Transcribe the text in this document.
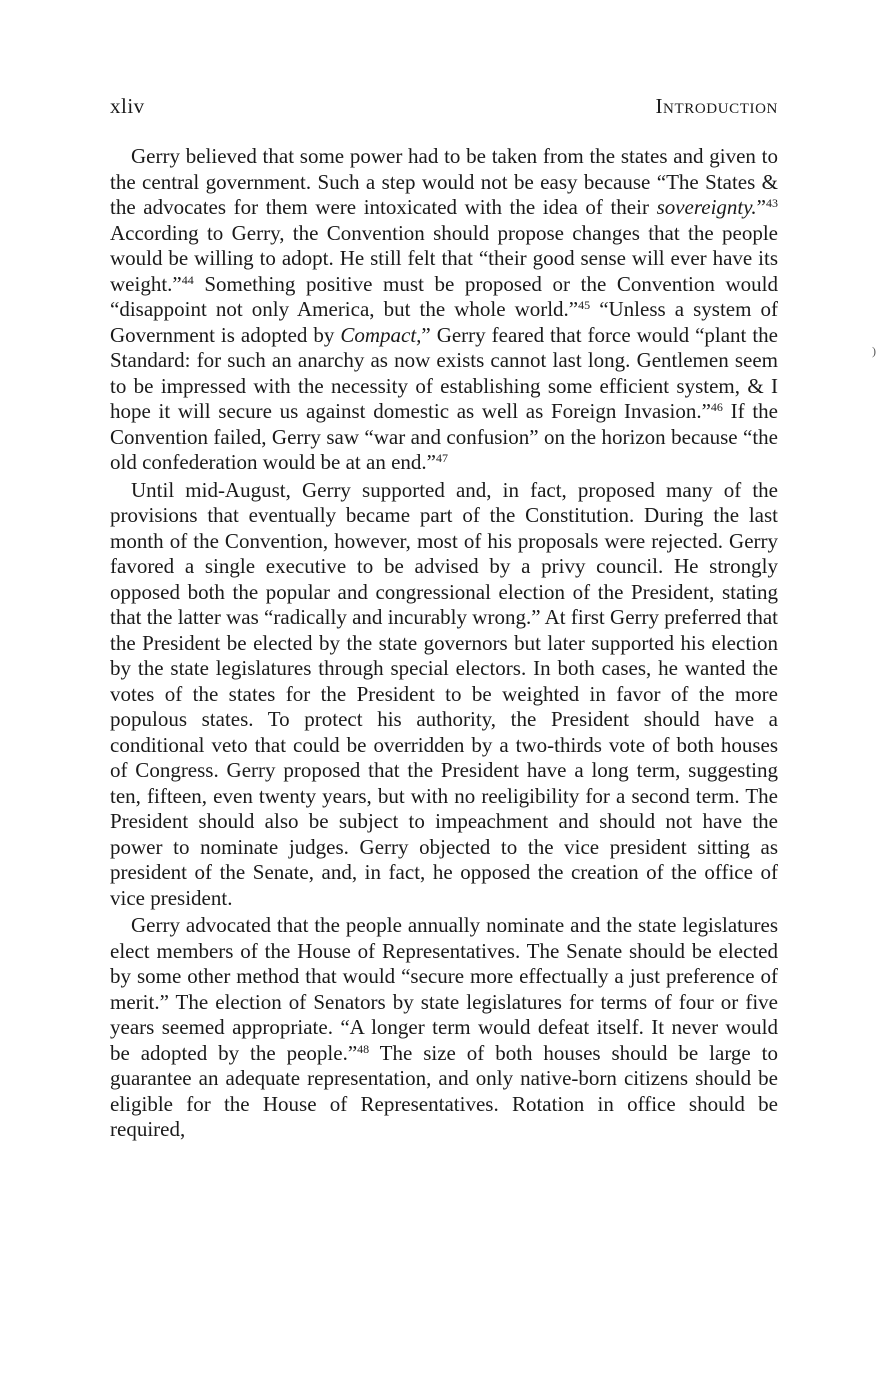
xliv	Introduction

Gerry believed that some power had to be taken from the states and given to the central government. Such a step would not be easy because “The States & the advocates for them were intoxicated with the idea of their sovereignty.”$^{43}$ According to Gerry, the Convention should propose changes that the people would be willing to adopt. He still felt that “their good sense will ever have its weight.”$^{44}$ Something positive must be proposed or the Convention would “disappoint not only America, but the whole world.”$^{45}$ “Unless a system of Government is adopted by Compact,” Gerry feared that force would “plant the Standard: for such an anarchy as now exists cannot last long. Gentlemen seem to be impressed with the necessity of establishing some efficient system, & I hope it will secure us against domestic as well as Foreign Invasion.”$^{46}$ If the Convention failed, Gerry saw “war and confusion” on the horizon because “the old confederation would be at an end.”$^{47}$

Until mid-August, Gerry supported and, in fact, proposed many of the provisions that eventually became part of the Constitution. During the last month of the Convention, however, most of his proposals were rejected. Gerry favored a single executive to be advised by a privy council. He strongly opposed both the popular and congressional election of the President, stating that the latter was “radically and incurably wrong.” At first Gerry preferred that the President be elected by the state governors but later supported his election by the state legislatures through special electors. In both cases, he wanted the votes of the states for the President to be weighted in favor of the more populous states. To protect his authority, the President should have a conditional veto that could be overridden by a two-thirds vote of both houses of Congress. Gerry proposed that the President have a long term, suggesting ten, fifteen, even twenty years, but with no reeligibility for a second term. The President should also be subject to impeachment and should not have the power to nominate judges. Gerry objected to the vice president sitting as president of the Senate, and, in fact, he opposed the creation of the office of vice president.

Gerry advocated that the people annually nominate and the state legislatures elect members of the House of Representatives. The Senate should be elected by some other method that would “secure more effectually a just preference of merit.” The election of Senators by state legislatures for terms of four or five years seemed appropriate. “A longer term would defeat itself. It never would be adopted by the people.”$^{48}$ The size of both houses should be large to guarantee an adequate representation, and only native-born citizens should be eligible for the House of Representatives. Rotation in office should be required,

)
